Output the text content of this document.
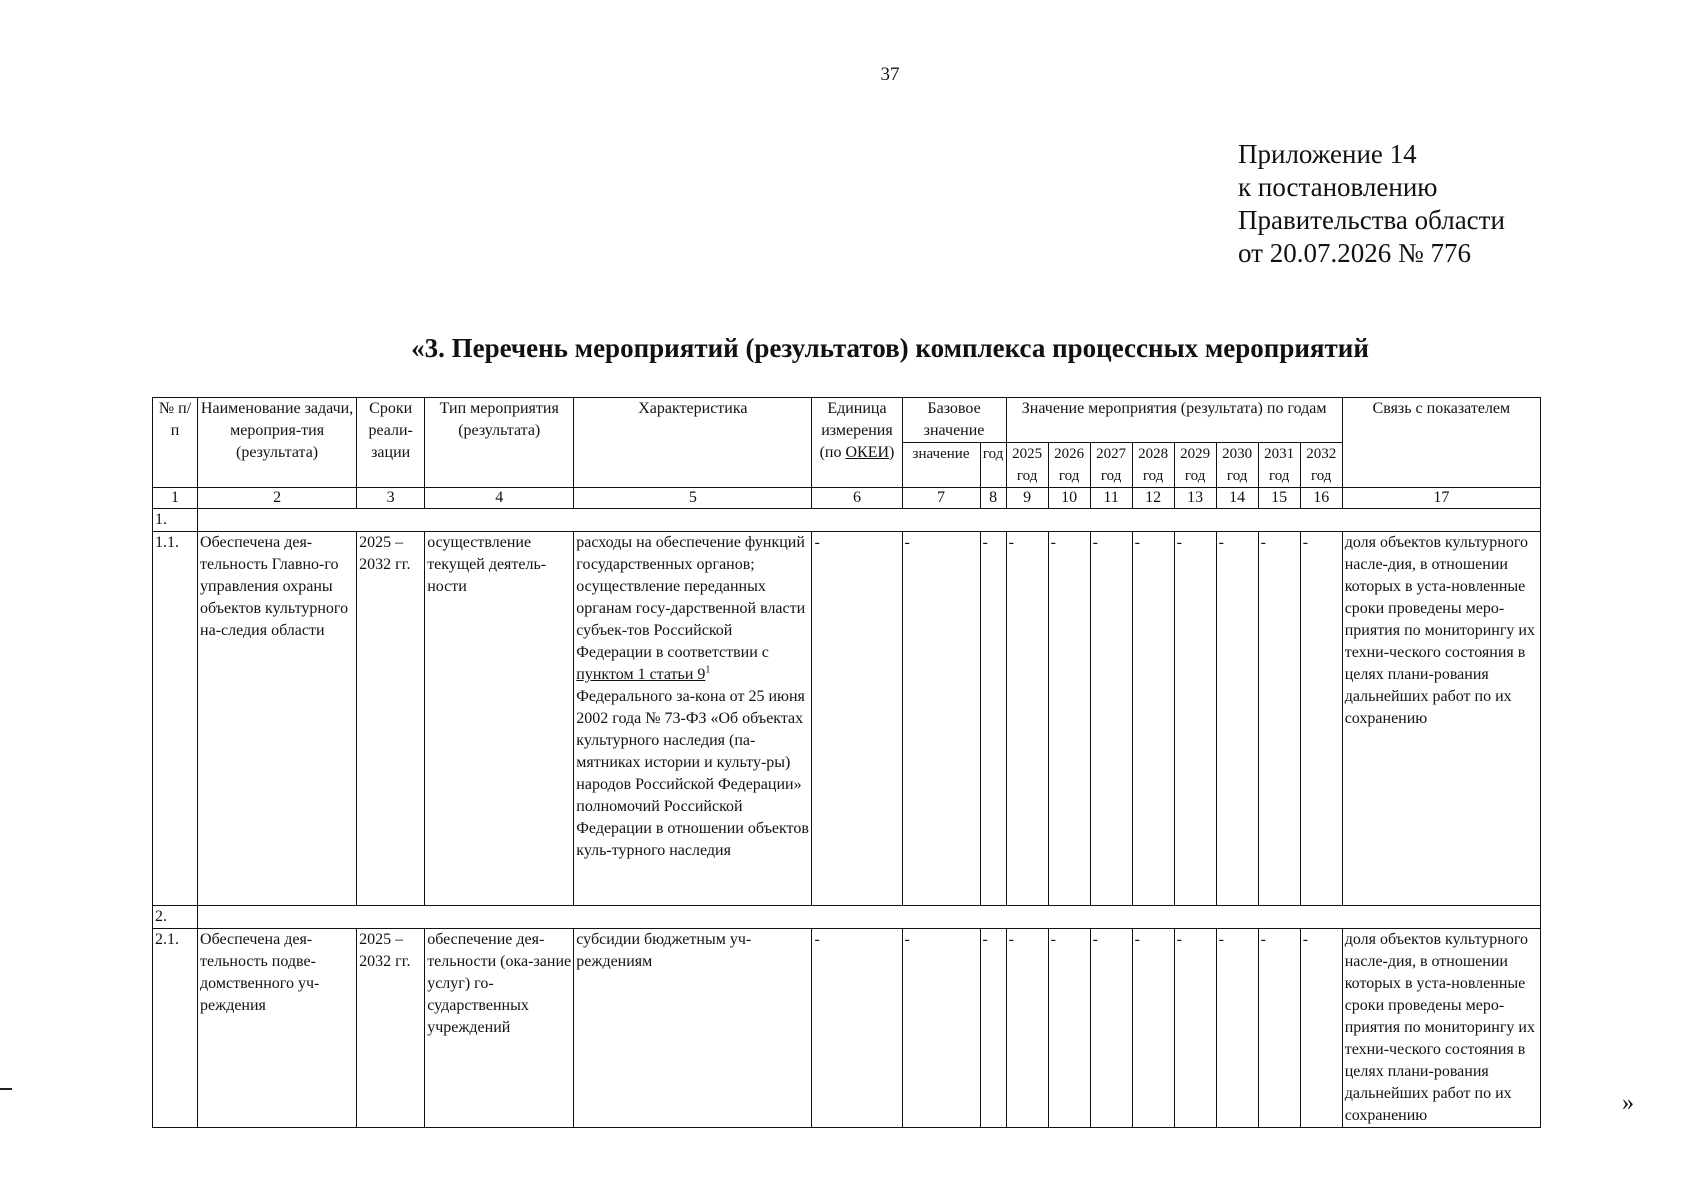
37
Приложение 14
к постановлению
Правительства области
от 20.07.2026 № 776
«3. Перечень мероприятий (результатов) комплекса процессных мероприятий
№ п/п	Наименование задачи, мероприя-тия (результата)	Сроки реали-зации	Тип мероприятия (результата)	Характеристика	Единица измерения (по ОКЕИ)	Базовое значение		Значение мероприятия (результата) по годам								Связь с показателем
						значение	год	2025 год	2026 год	2027 год	2028 год	2029 год	2030 год	2031 год	2032 год	
1	2	3	4	5	6	7	8	9	10	11	12	13	14	15	16	17
1.																
1.1.	Обеспечена дея-тельность Главно-го управления охраны объектов культурного на-следия области	2025 – 2032 гг.	осуществление текущей деятель-ности	расходы на обеспечение функций государственных органов; осуществление переданных органам госу-дарственной власти субъек-тов Российской Федерации в соответствии с пунктом 1 статьи $9^1$ Федерального за-кона от 25 июня 2002 года № 73-ФЗ «Об объектах культурного наследия (па-мятниках истории и культу-ры) народов Российской Федерации» полномочий Российской Федерации в отношении объектов куль-турного наследия	-	-	-	-	-	-	-	-	-	-	-	доля объектов культурного насле-дия, в отношении которых в уста-новленные сроки проведены меро-приятия по мониторингу их техни-ческого состояния в целях плани-рования дальнейших работ по их сохранению
2.																
2.1.	Обеспечена дея-тельность подве-домственного уч-реждения	2025 – 2032 гг.	обеспечение дея-тельности (ока-зание услуг) го-сударственных учреждений	субсидии бюджетным уч-реждениям	-	-	-	-	-	-	-	-	-	-	-	доля объектов культурного насле-дия, в отношении которых в уста-новленные сроки проведены меро-приятия по мониторингу их техни-ческого состояния в целях плани-рования дальнейших работ по их сохранению	»
